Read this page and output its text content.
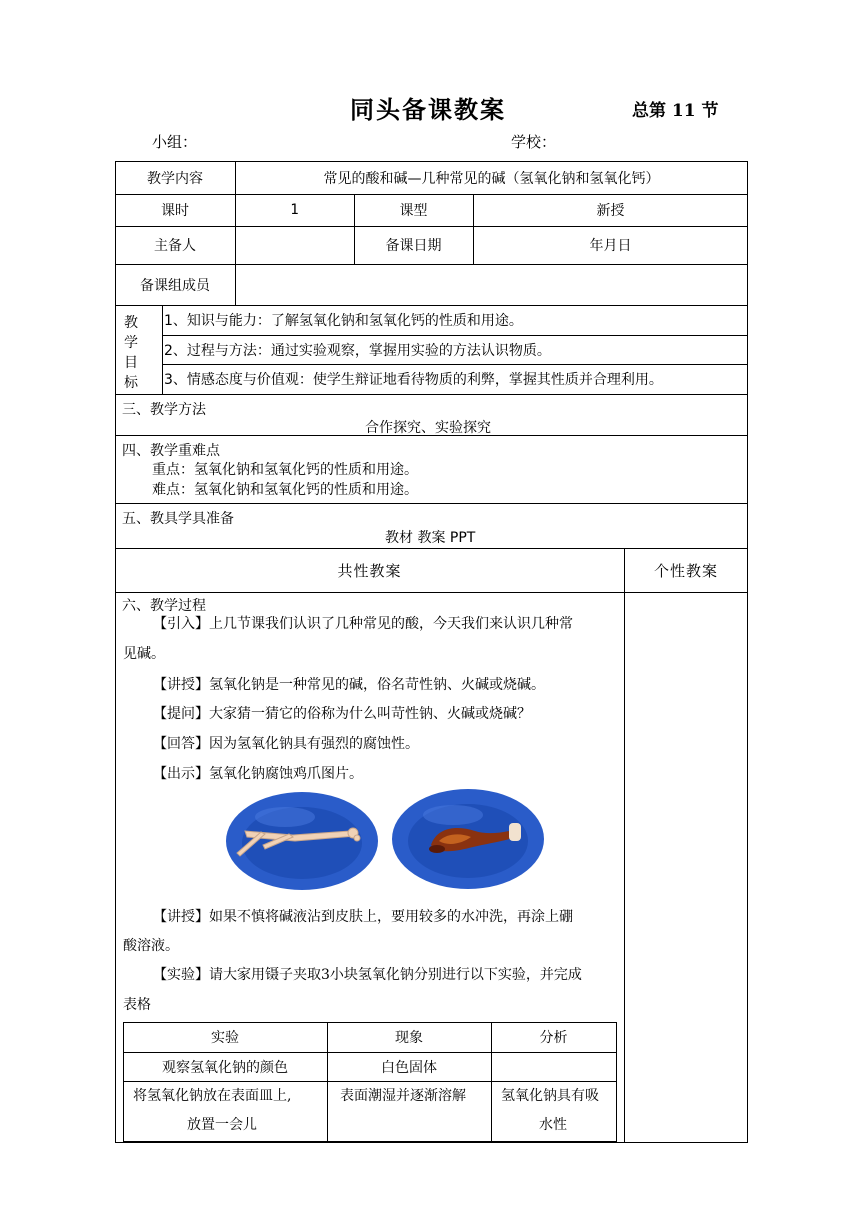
同头备课教案	总第 11 节
小组：	学校：
教学内容	常见的酸和碱—几种常见的碱（氢氧化钠和氢氧化钙）
课时	1	课型	新授
主备人	备课日期	年月日
备课组成员
教
学
目
标
1、知识与能力：了解氢氧化钠和氢氧化钙的性质和用途。
2、过程与方法：通过实验观察，掌握用实验的方法认识物质。
3、情感态度与价值观：使学生辩证地看待物质的利弊，掌握其性质并合理利用。
三、教学方法
合作探究、实验探究
四、教学重难点
重点：氢氧化钠和氢氧化钙的性质和用途。
难点：氢氧化钠和氢氧化钙的性质和用途。
五、教具学具准备
教材 教案 PPT
共性教案	个性教案
六、教学过程
【引入】上几节课我们认识了几种常见的酸，今天我们来认识几种常
见碱。
【讲授】氢氧化钠是一种常见的碱，俗名苛性钠、火碱或烧碱。
【提问】大家猜一猜它的俗称为什么叫苛性钠、火碱或烧碱？
【回答】因为氢氧化钠具有强烈的腐蚀性。
【出示】氢氧化钠腐蚀鸡爪图片。
【讲授】如果不慎将碱液沾到皮肤上，要用较多的水冲洗，再涂上硼
酸溶液。
【实验】请大家用镊子夹取3小块氢氧化钠分别进行以下实验，并完成
表格
实验	现象	分析
观察氢氧化钠的颜色	白色固体
将氢氧化钠放在表面皿上,
放置一会儿
表面潮湿并逐渐溶解	氢氧化钠具有吸
水性
